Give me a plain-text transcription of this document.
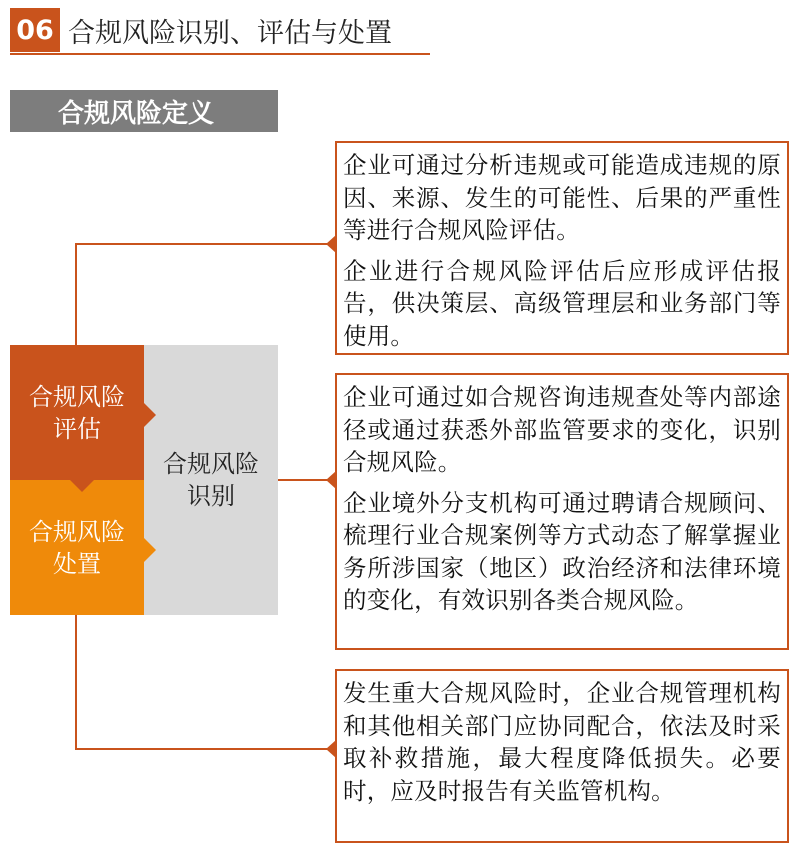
06 合规风险识别、评估与处置
合规风险定义
合规风险
评估
合规风险
处置
合规风险
识别

企业可通过分析违规或可能造成违规的原因、来源、发生的可能性、后果的严重性等进行合规风险评估。

企业进行合规风险评估后应形成评估报告，供决策层、高级管理层和业务部门等使用。

企业可通过如合规咨询违规查处等内部途径或通过获悉外部监管要求的变化，识别合规风险。

企业境外分支机构可通过聘请合规顾问、梳理行业合规案例等方式动态了解掌握业务所涉国家（地区）政治经济和法律环境的变化，有效识别各类合规风险。

发生重大合规风险时，企业合规管理机构和其他相关部门应协同配合，依法及时采取补救措施，最大程度降低损失。必要时，应及时报告有关监管机构。
